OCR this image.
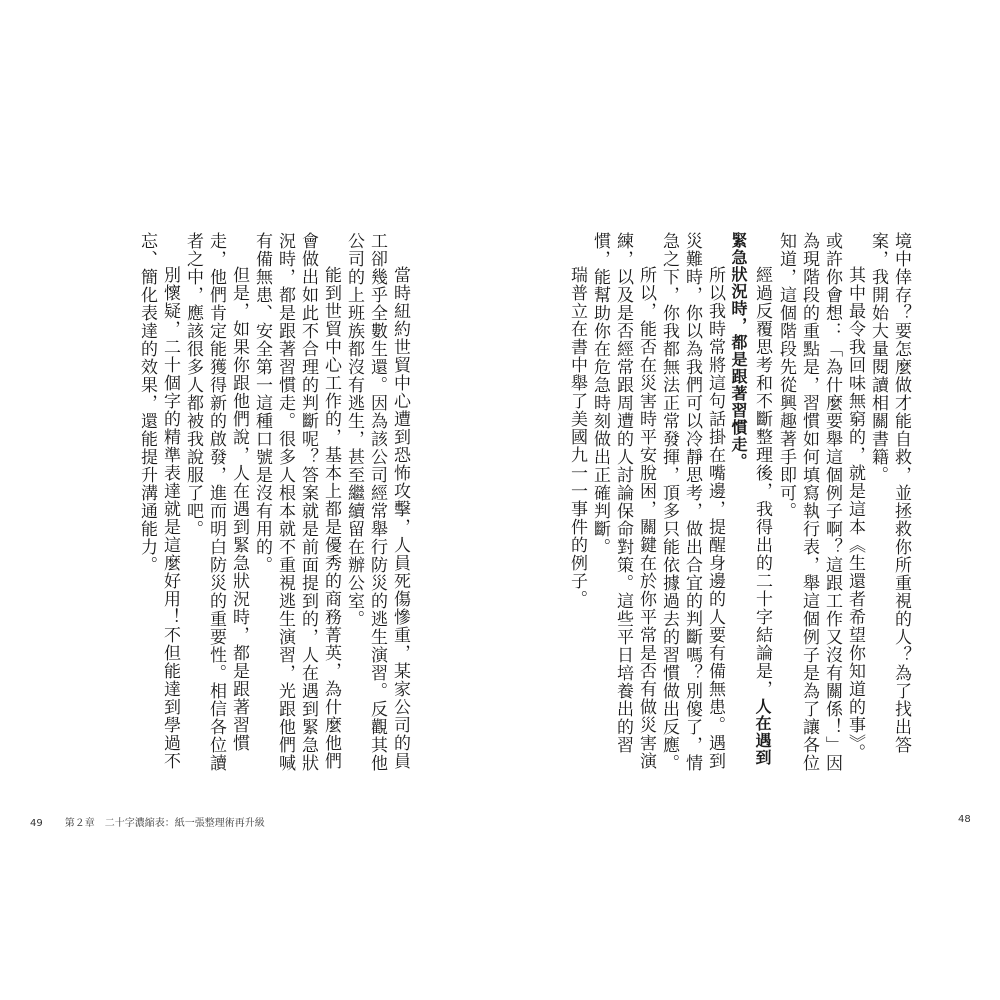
境中倖存？要怎麼做才能自救，並拯救你所重視的人？為了找出答案，我開始大量閱讀相關書籍。

其中最令我回味無窮的，就是這本《生還者希望你知道的事》。或許你會想：「為什麼要舉這個例子啊？這跟工作又沒有關係！」因為現階段的重點是，習慣如何填寫執行表，舉這個例子是為了讓各位知道，這個階段先從興趣著手即可。

經過反覆思考和不斷整理後，我得出的二十字結論是，人在遇到緊急狀況時，都是跟著習慣走。

所以我時常將這句話掛在嘴邊，提醒身邊的人要有備無患。遇到災難時，你以為我們可以冷靜思考，做出合宜的判斷嗎？別傻了，情急之下，你我都無法正常發揮，頂多只能依據過去的習慣做出反應。

所以，能否在災害時平安脫困，關鍵在於你平常是否有做災害演練，以及是否經常跟周遭的人討論保命對策。這些平日培養出的習慣，能幫助你在危急時刻做出正確判斷。

瑞普立在書中舉了美國九一一事件的例子。

當時紐約世貿中心遭到恐怖攻擊，人員死傷慘重，某家公司的員工卻幾乎全數生還。因為該公司經常舉行防災的逃生演習。反觀其他公司的上班族都沒有逃生，甚至繼續留在辦公室。

能到世貿中心工作的，基本上都是優秀的商務菁英，為什麼他們會做出如此不合理的判斷呢？答案就是前面提到的，人在遇到緊急狀況時，都是跟著習慣走。很多人根本就不重視逃生演習，光跟他們喊有備無患、安全第一這種口號是沒有用的。

但是，如果你跟他們說，人在遇到緊急狀況時，都是跟著習慣走，他們肯定能獲得新的啟發，進而明白防災的重要性。相信各位讀者之中，應該很多人都被我說服了吧。

別懷疑，二十個字的精準表達就是這麼好用！不但能達到學過不忘、簡化表達的效果，還能提升溝通能力。

49 第２章　二十字濃縮表：紙一張整理術再升級	48
